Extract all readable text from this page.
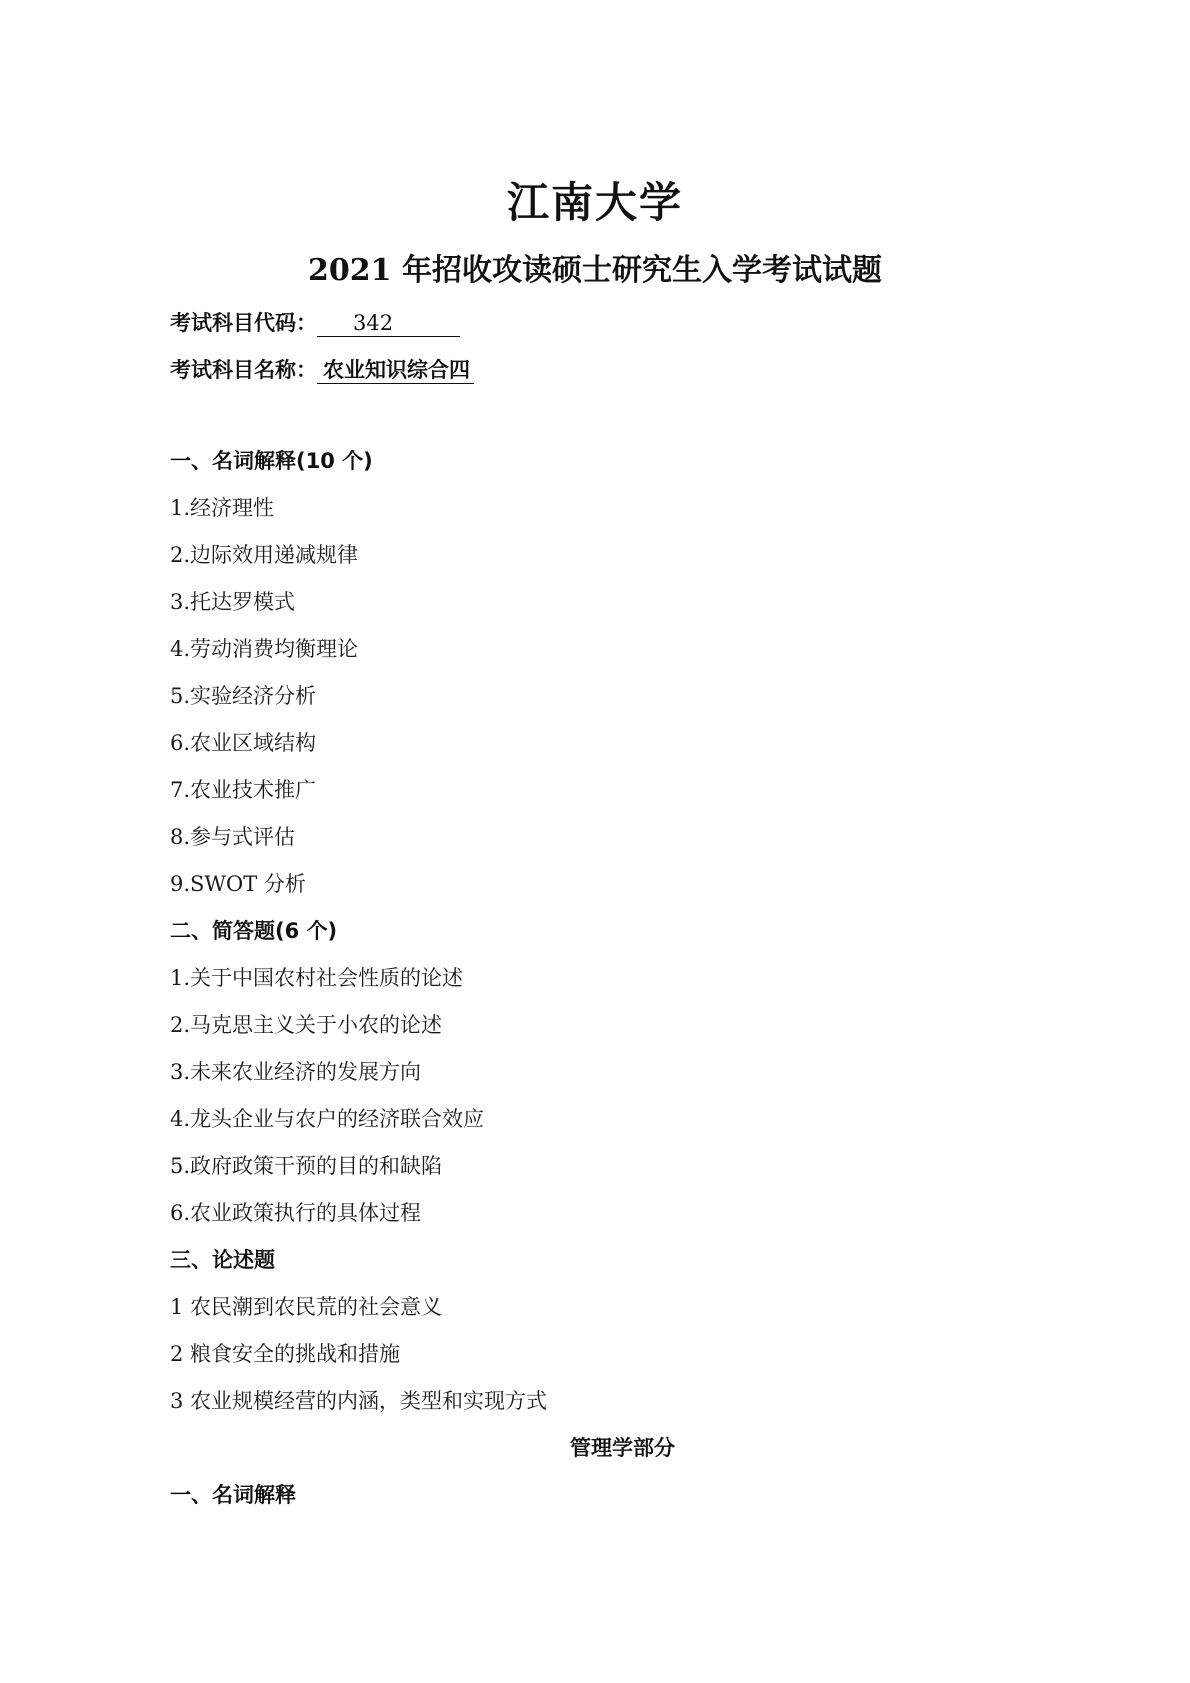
江南大学
2021 年招收攻读硕士研究生入学考试试题
考试科目代码： 342
考试科目名称： 农业知识综合四
一、名词解释(10 个)
1.经济理性
2.边际效用递减规律
3.托达罗模式
4.劳动消费均衡理论
5.实验经济分析
6.农业区域结构
7.农业技术推广
8.参与式评估
9.SWOT 分析
二、简答题(6 个)
1.关于中国农村社会性质的论述
2.马克思主义关于小农的论述
3.未来农业经济的发展方向
4.龙头企业与农户的经济联合效应
5.政府政策干预的目的和缺陷
6.农业政策执行的具体过程
三、论述题
1 农民潮到农民荒的社会意义
2 粮食安全的挑战和措施
3 农业规模经营的内涵，类型和实现方式
管理学部分
一、名词解释
